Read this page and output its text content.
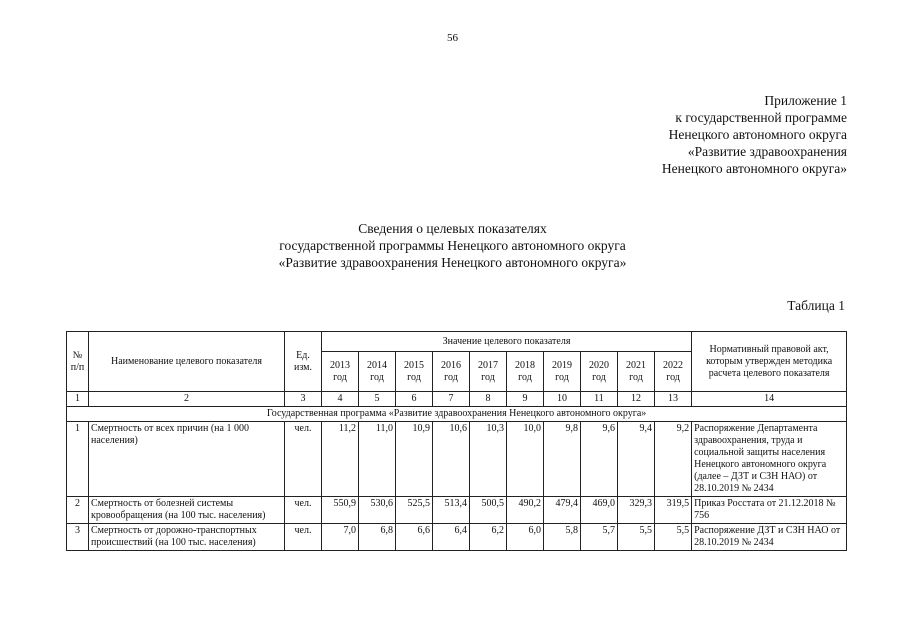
56
Приложение 1
к государственной программе
Ненецкого автономного округа
«Развитие здравоохранения
Ненецкого автономного округа»
Сведения о целевых показателях
государственной программы Ненецкого автономного округа
«Развитие здравоохранения Ненецкого автономного округа»
Таблица 1
№ п/п	Наименование целевого показателя	Ед. изм.	Значение целевого показателя										Нормативный правовой акт, которым утвержден методика расчета целевого показателя
			2013 год	2014 год	2015 год	2016 год	2017 год	2018 год	2019 год	2020 год	2021 год	2022 год	
1	2	3	4	5	6	7	8	9	10	11	12	13	14
Государственная программа «Развитие здравоохранения Ненецкого автономного округа»													
1	Смертность от всех причин (на 1 000 населения)	чел.	11,2	11,0	10,9	10,6	10,3	10,0	9,8	9,6	9,4	9,2	Распоряжение Департамента здравоохранения, труда и социальной защиты населения Ненецкого автономного округа (далее – ДЗТ и СЗН НАО) от 28.10.2019 № 2434
2	Смертность от болезней системы кровообращения (на 100 тыс. населения)	чел.	550,9	530,6	525,5	513,4	500,5	490,2	479,4	469,0	329,3	319,5	Приказ Росстата от 21.12.2018 № 756
3	Смертность от дорожно-транспортных происшествий (на 100 тыс. населения)	чел.	7,0	6,8	6,6	6,4	6,2	6,0	5,8	5,7	5,5	5,5	Распоряжение ДЗТ и СЗН НАО от 28.10.2019 № 2434
